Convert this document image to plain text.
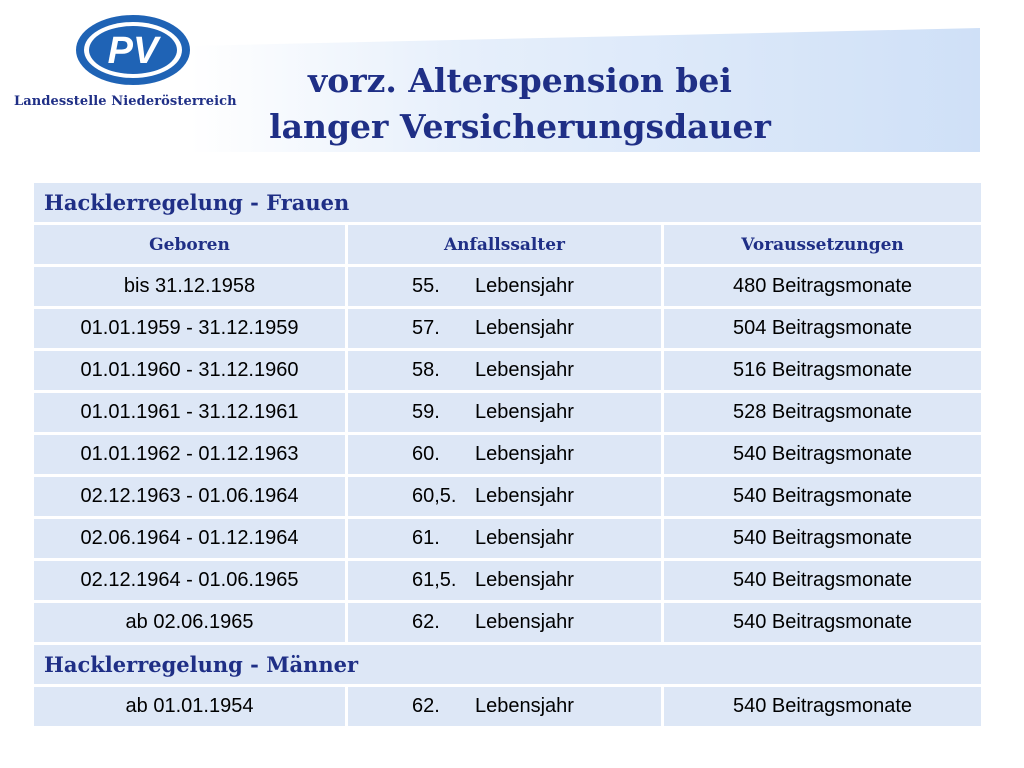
PV
Landesstelle Niederösterreich
vorz. Alterspension bei
langer Versicherungsdauer
Hacklerregelung - Frauen		
Geboren	Anfallssalter	Voraussetzungen
bis 31.12.1958	55. Lebensjahr	480 Beitragsmonate
01.01.1959 - 31.12.1959	57. Lebensjahr	504 Beitragsmonate
01.01.1960 - 31.12.1960	58. Lebensjahr	516 Beitragsmonate
01.01.1961 - 31.12.1961	59. Lebensjahr	528 Beitragsmonate
01.01.1962 - 01.12.1963	60. Lebensjahr	540 Beitragsmonate
02.12.1963 - 01.06.1964	60,5. Lebensjahr	540 Beitragsmonate
02.06.1964 - 01.12.1964	61. Lebensjahr	540 Beitragsmonate
02.12.1964 - 01.06.1965	61,5. Lebensjahr	540 Beitragsmonate
ab 02.06.1965	62. Lebensjahr	540 Beitragsmonate
Hacklerregelung - Männer		
ab 01.01.1954	62. Lebensjahr	540 Beitragsmonate
